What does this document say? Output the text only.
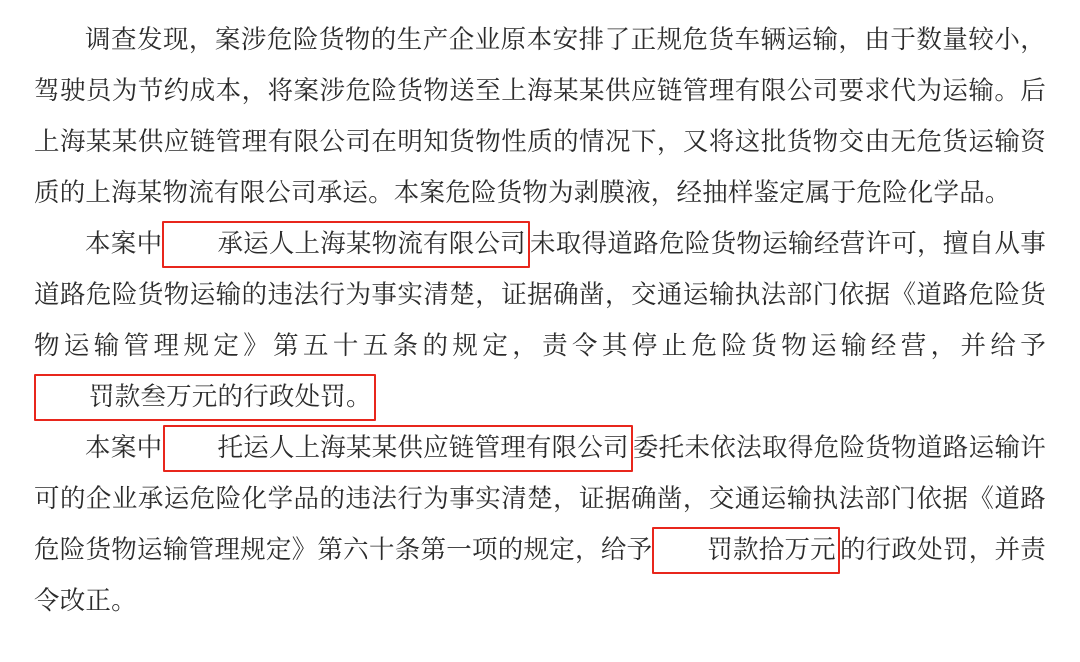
调查发现，案涉危险货物的生产企业原本安排了正规危货车辆运输，由于数量较小，驾驶员为节约成本，将案涉危险货物送至上海某某供应链管理有限公司要求代为运输。后上海某某供应链管理有限公司在明知货物性质的情况下，又将这批货物交由无危货运输资质的上海某物流有限公司承运。本案危险货物为剥膜液，经抽样鉴定属于危险化学品。

本案中 承运人上海某物流有限公司 未取得道路危险货物运输经营许可，擅自从事道路危险货物运输的违法行为事实清楚，证据确凿，交通运输执法部门依据《道路危险货物运输管理规定》第五十五条的规定，责令其停止危险货物运输经营，并给予罚款叁万元的行政处罚。

本案中 托运人上海某某供应链管理有限公司 委托未依法取得危险货物道路运输许可的企业承运危险化学品的违法行为事实清楚，证据确凿，交通运输执法部门依据《道路危险货物运输管理规定》第六十条第一项的规定，给予 罚款拾万元 的行政处罚，并责令改正。
